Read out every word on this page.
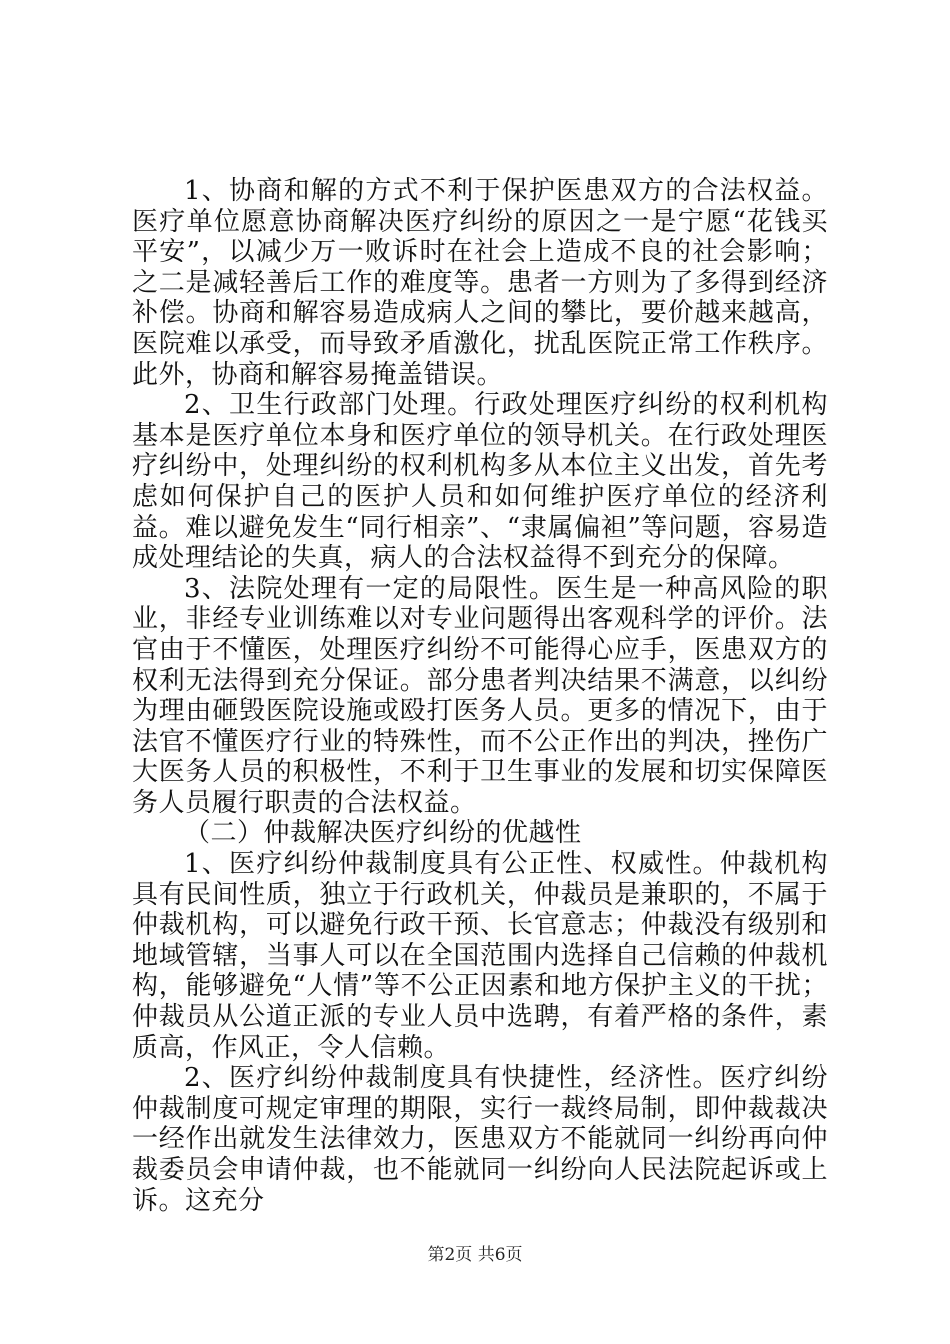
1、协商和解的方式不利于保护医患双方的合法权益。医疗单位愿意协商解决医疗纠纷的原因之一是宁愿“花钱买平安”，以减少万一败诉时在社会上造成不良的社会影响；之二是减轻善后工作的难度等。患者一方则为了多得到经济补偿。协商和解容易造成病人之间的攀比，要价越来越高，医院难以承受，而导致矛盾激化，扰乱医院正常工作秩序。此外，协商和解容易掩盖错误。

2、卫生行政部门处理。行政处理医疗纠纷的权利机构基本是医疗单位本身和医疗单位的领导机关。在行政处理医疗纠纷中，处理纠纷的权利机构多从本位主义出发，首先考虑如何保护自己的医护人员和如何维护医疗单位的经济利益。难以避免发生“同行相亲”、“隶属偏袒”等问题，容易造成处理结论的失真，病人的合法权益得不到充分的保障。

3、法院处理有一定的局限性。医生是一种高风险的职业，非经专业训练难以对专业问题得出客观科学的评价。法官由于不懂医，处理医疗纠纷不可能得心应手，医患双方的权利无法得到充分保证。部分患者判决结果不满意，以纠纷为理由砸毁医院设施或殴打医务人员。更多的情况下，由于法官不懂医疗行业的特殊性，而不公正作出的判决，挫伤广大医务人员的积极性，不利于卫生事业的发展和切实保障医务人员履行职责的合法权益。

（二）仲裁解决医疗纠纷的优越性

1、医疗纠纷仲裁制度具有公正性、权威性。仲裁机构具有民间性质，独立于行政机关，仲裁员是兼职的，不属于仲裁机构，可以避免行政干预、长官意志；仲裁没有级别和地域管辖，当事人可以在全国范围内选择自己信赖的仲裁机构，能够避免“人情”等不公正因素和地方保护主义的干扰；仲裁员从公道正派的专业人员中选聘，有着严格的条件，素质高，作风正，令人信赖。

2、医疗纠纷仲裁制度具有快捷性，经济性。医疗纠纷仲裁制度可规定审理的期限，实行一裁终局制，即仲裁裁决一经作出就发生法律效力，医患双方不能就同一纠纷再向仲裁委员会申请仲裁，也不能就同一纠纷向人民法院起诉或上诉。这充分

第2页 共6页
